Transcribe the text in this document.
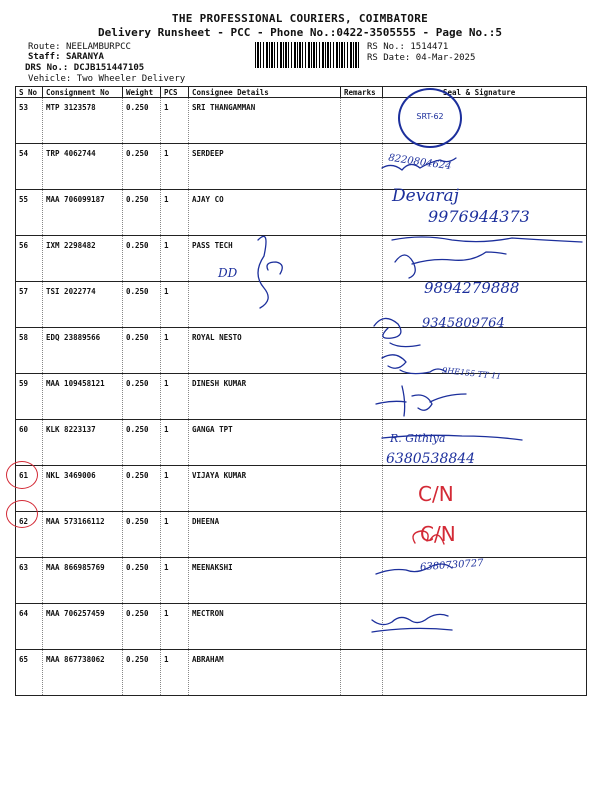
THE PROFESSIONAL COURIERS, COIMBATORE
Delivery Runsheet - PCC - Phone No.:0422-3505555 - Page No.:5
Route: NEELAMBURPCC
Staff: SARANYA
DRS No.: DCJB151447105
Vehicle: Two Wheeler Delivery
RS No.: 1514471
RS Date: 04-Mar-2025
S No	Consignment No	Weight	PCS	Consignee Details	Remarks	Seal & Signature
53	MTP 3123578	0.250	1	SRI THANGAMMAN		
54	TRP 4062744	0.250	1	SERDEEP		
55	MAA 706099187	0.250	1	AJAY CO		
56	IXM 2298482	0.250	1	PASS TECH		
57	TSI 2022774	0.250	1			
58	EDQ 23889566	0.250	1	ROYAL NESTO		
59	MAA 109458121	0.250	1	DINESH KUMAR		
60	KLK 8223137	0.250	1	GANGA TPT		
61	NKL 3469006	0.250	1	VIJAYA KUMAR		
62	MAA 573166112	0.250	1	DHEENA		
63	MAA 866985769	0.250	1	MEENAKSHI		
64	MAA 706257459	0.250	1	MECTRON		
65	MAA 867738062	0.250	1	ABRAHAM		
SRT-62
8220804624
Devaraj
9976944373
DD
9894279888
9345809764
9HE155 TT 11
R. Githiya
6380538844
C/N
C/N
6380730727
